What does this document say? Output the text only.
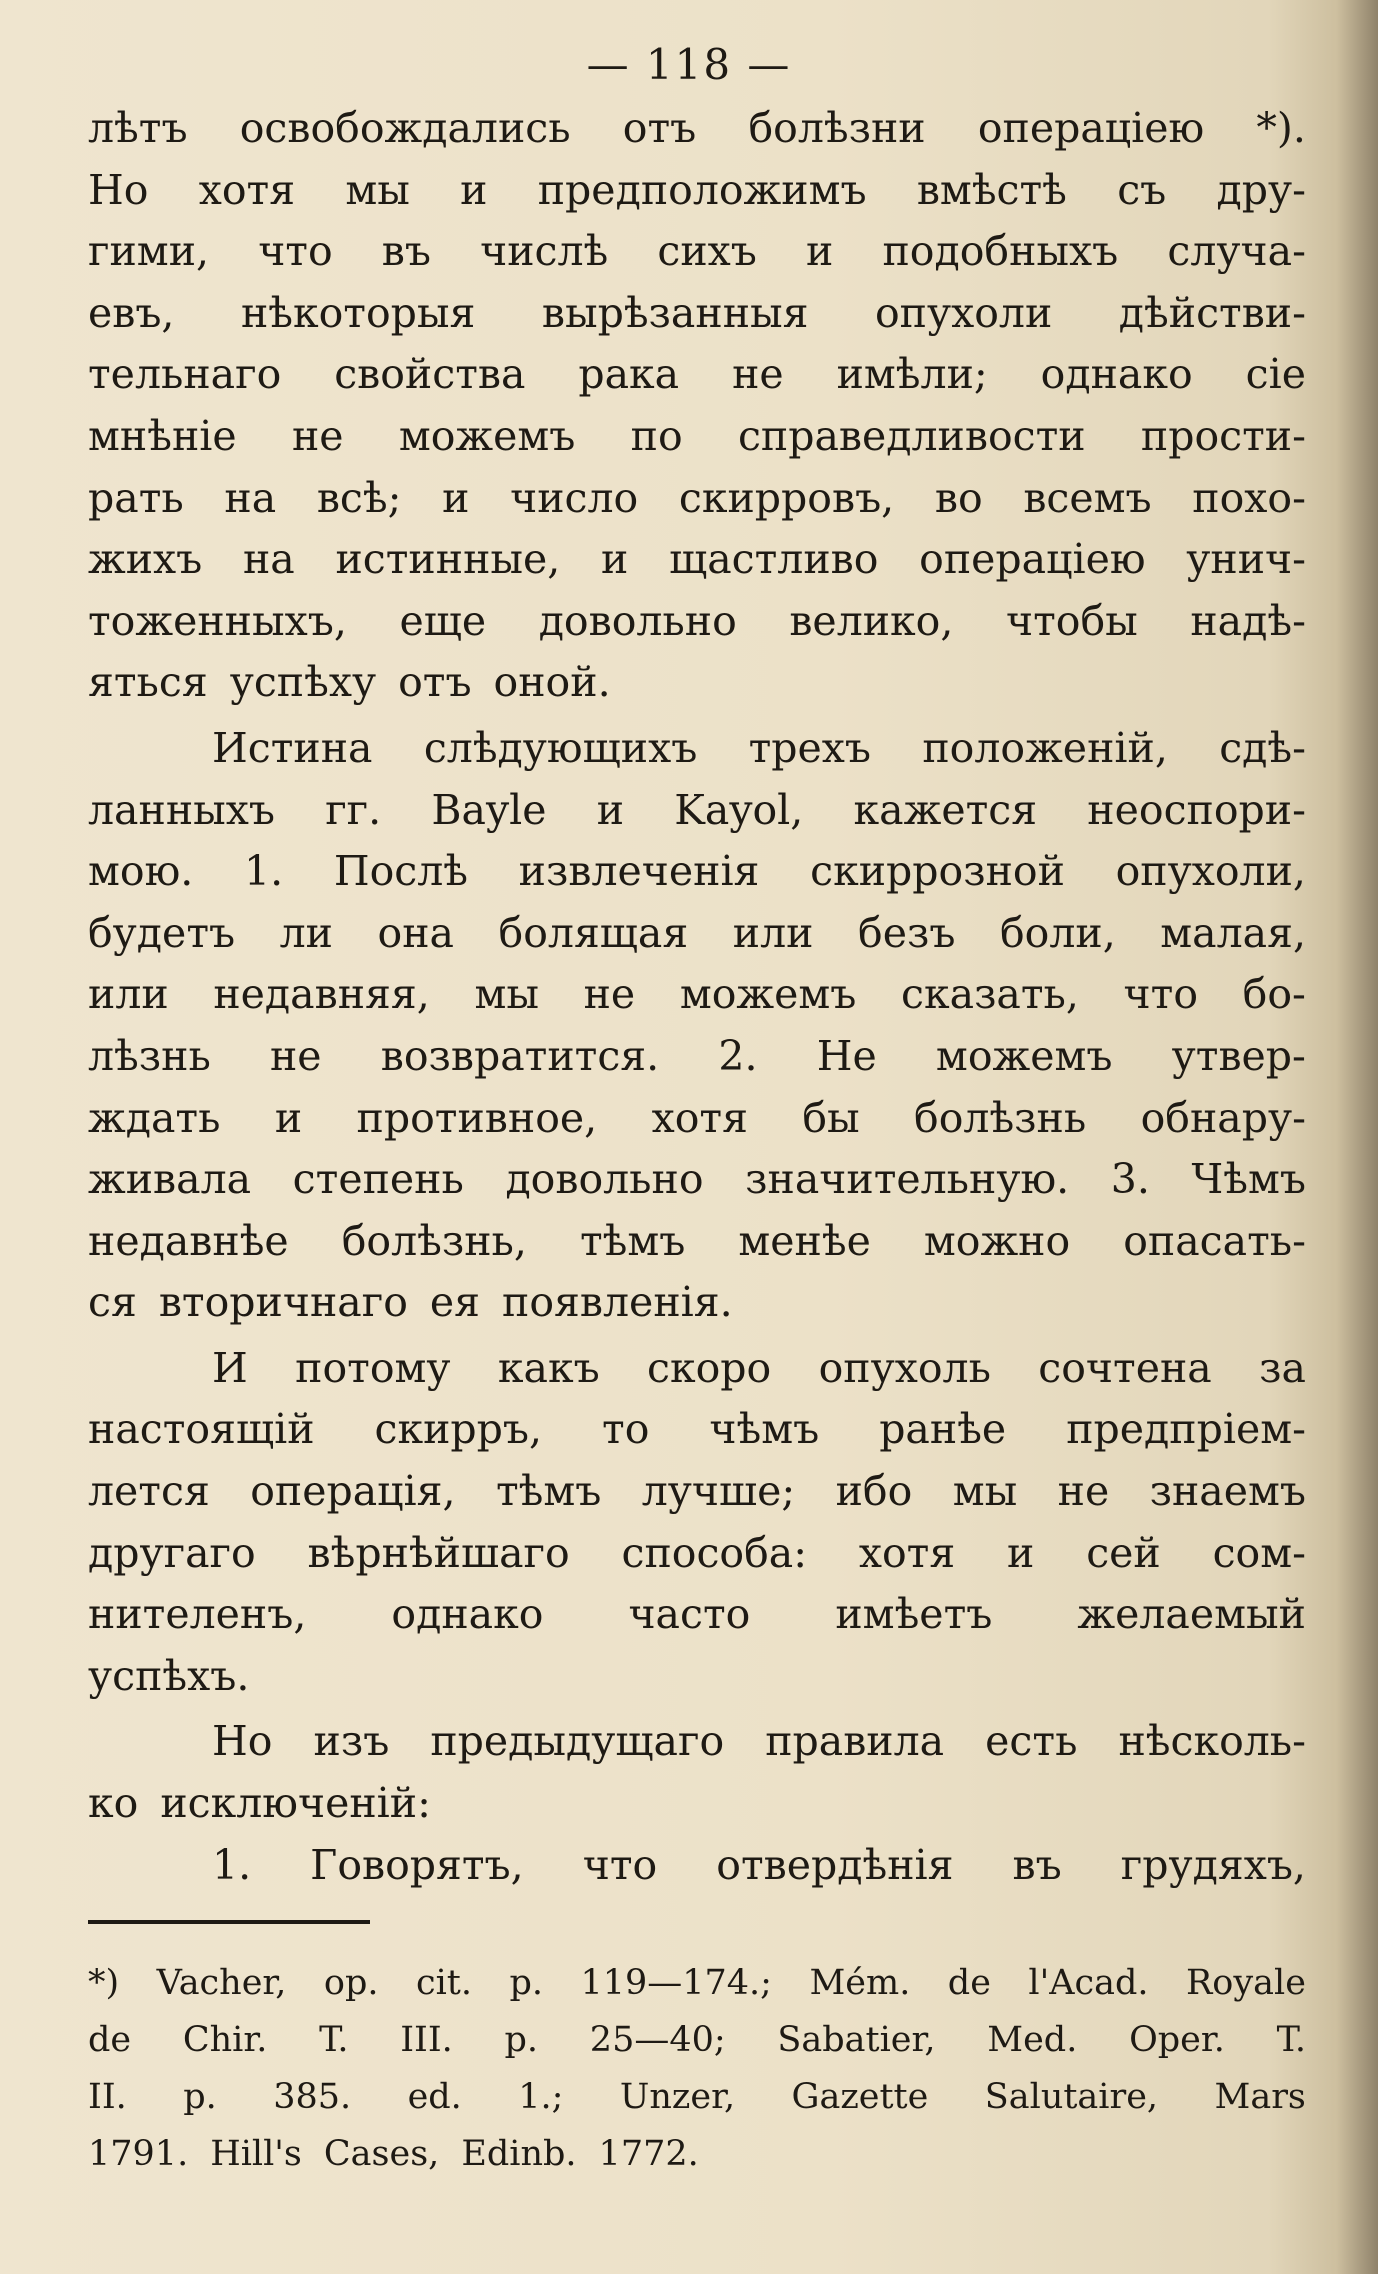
— 118 —
лѣтъ освобождались отъ болѣзни операціею *).
Но хотя мы и предположимъ вмѣстѣ съ дру-
гими, что въ числѣ сихъ и подобныхъ случа-
евъ, нѣкоторыя вырѣзанныя опухоли дѣйстви-
тельнаго свойства рака не имѣли; однако сіе
мнѣніе не можемъ по справедливости прости-
рать на всѣ; и число скирровъ, во всемъ похо-
жихъ на истинные, и щастливо операціею унич-
тоженныхъ, еще довольно велико, чтобы надѣ-
яться успѣху отъ оной.
Истина слѣдующихъ трехъ положеній, сдѣ-
ланныхъ гг. Bayle и Kayol, кажется неоспори-
мою. 1. Послѣ извлеченія скиррозной опухоли,
будетъ ли она болящая или безъ боли, малая,
или недавняя, мы не можемъ сказать, что бо-
лѣзнь не возвратится. 2. Не можемъ утвер-
ждать и противное, хотя бы болѣзнь обнару-
живала степень довольно значительную. 3. Чѣмъ
недавнѣе болѣзнь, тѣмъ менѣе можно опасать-
ся вторичнаго ея появленія.
И потому какъ скоро опухоль сочтена за
настоящій скирръ, то чѣмъ ранѣе предпріем-
лется операція, тѣмъ лучше; ибо мы не знаемъ
другаго вѣрнѣйшаго способа: хотя и сей сом-
нителенъ, однако часто имѣетъ желаемый
успѣхъ.
Но изъ предыдущаго правила есть нѣсколь-
ко исключеній:
1. Говорятъ, что отвердѣнія въ грудяхъ,
*) Vacher, op. cit. p. 119—174.; Mém. de l'Acad. Royale
de Chir. T. III. p. 25—40; Sabatier, Med. Oper. T.
II. p. 385. ed. 1.; Unzer, Gazette Salutaire, Mars
1791. Hill's Cases, Edinb. 1772.
